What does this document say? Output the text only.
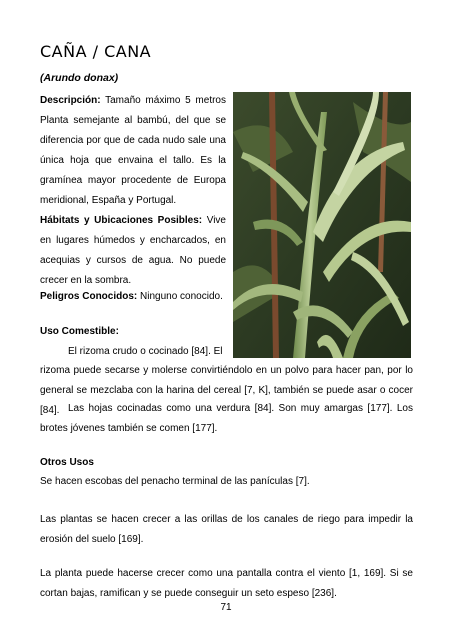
CAÑA / CANA
(Arundo donax)

Descripción: Tamaño máximo 5 metros Planta semejante al bambú, del que se diferencia por que de cada nudo sale una única hoja que envaina el tallo. Es la gramínea mayor procedente de Europa meridional, España y Portugal.

Hábitats y Ubicaciones Posibles: Vive en lugares húmedos y encharcados, en acequias y cursos de agua. No puede crecer en la sombra.

Peligros Conocidos: Ninguno conocido.

Uso Comestible:

El rizoma crudo o cocinado [84]. El

rizoma puede secarse y molerse convirtiéndolo en un polvo para hacer pan, por lo general se mezclaba con la harina del cereal [7, K], también se puede asar o cocer [84]. Las hojas cocinadas como una verdura [84]. Son muy amargas [177]. Los brotes jóvenes también se comen [177].

Otros Usos

Se hacen escobas del penacho terminal de las panículas [7].

Las plantas se hacen crecer a las orillas de los canales de riego para impedir la erosión del suelo [169].

La planta puede hacerse crecer como una pantalla contra el viento [1, 169]. Si se cortan bajas, ramifican y se puede conseguir un seto espeso [236].

71
